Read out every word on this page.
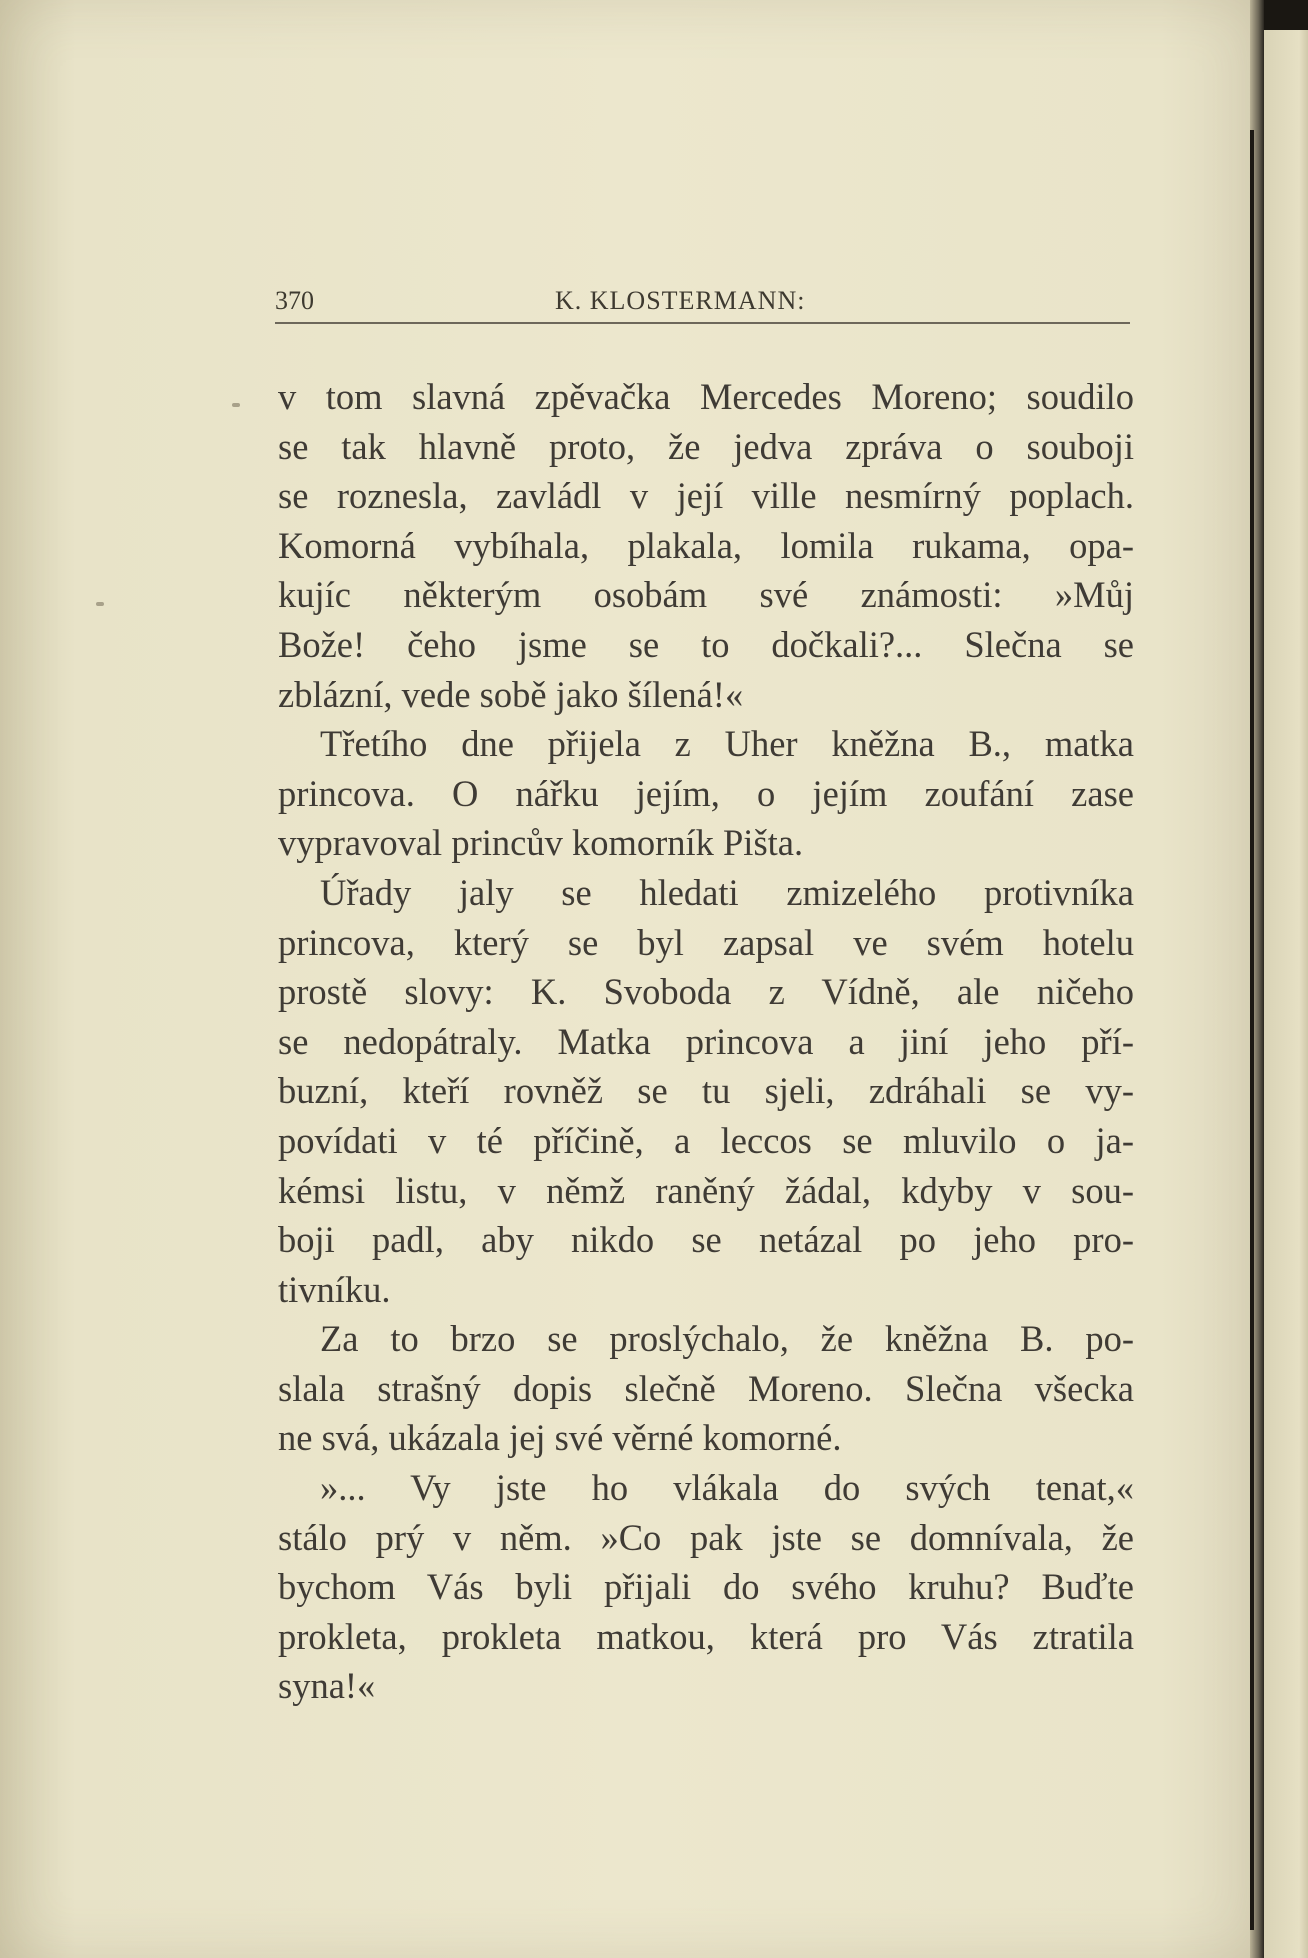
370	K. KLOSTERMANN:
v tom slavná zpěvačka Mercedes Moreno; soudilo
se tak hlavně proto, že jedva zpráva o souboji
se roznesla, zavládl v její ville nesmírný poplach.
Komorná vybíhala, plakala, lomila rukama, opa-
kujíc některým osobám své známosti: »Můj
Bože! čeho jsme se to dočkali?... Slečna se
zblázní, vede sobě jako šílená!«
Třetího dne přijela z Uher kněžna B., matka
princova. O nářku jejím, o jejím zoufání zase
vypravoval princův komorník Pišta.
Úřady jaly se hledati zmizelého protivníka
princova, který se byl zapsal ve svém hotelu
prostě slovy: K. Svoboda z Vídně, ale ničeho
se nedopátraly. Matka princova a jiní jeho pří-
buzní, kteří rovněž se tu sjeli, zdráhali se vy-
povídati v té příčině, a leccos se mluvilo o ja-
kémsi listu, v němž raněný žádal, kdyby v sou-
boji padl, aby nikdo se netázal po jeho pro-
tivníku.
Za to brzo se proslýchalo, že kněžna B. po-
slala strašný dopis slečně Moreno. Slečna všecka
ne svá, ukázala jej své věrné komorné.
»... Vy jste ho vlákala do svých tenat,«
stálo prý v něm. »Co pak jste se domnívala, že
bychom Vás byli přijali do svého kruhu? Buďte
prokleta, prokleta matkou, která pro Vás ztratila
syna!«
